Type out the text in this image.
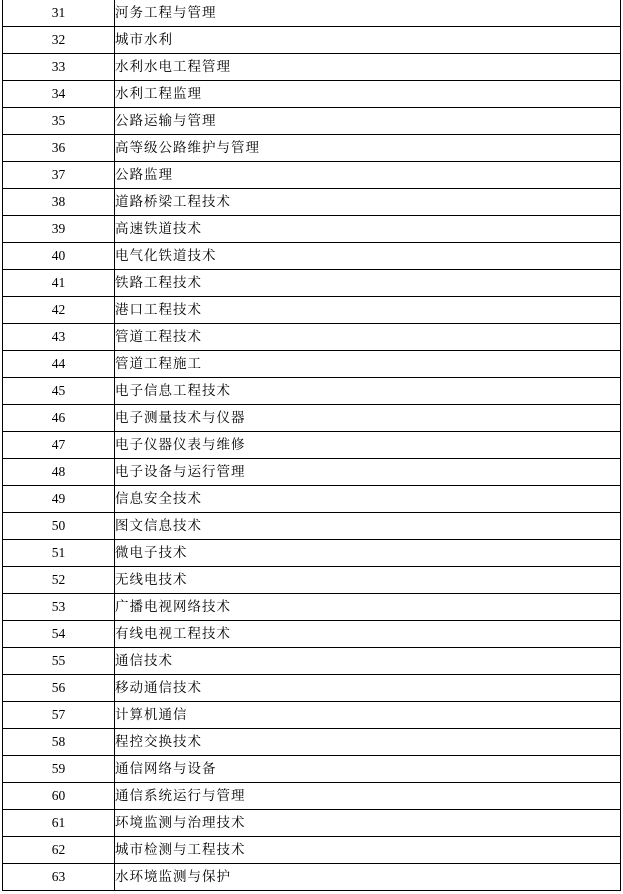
31	河务工程与管理
32	城市水利
33	水利水电工程管理
34	水利工程监理
35	公路运输与管理
36	高等级公路维护与管理
37	公路监理
38	道路桥梁工程技术
39	高速铁道技术
40	电气化铁道技术
41	铁路工程技术
42	港口工程技术
43	管道工程技术
44	管道工程施工
45	电子信息工程技术
46	电子测量技术与仪器
47	电子仪器仪表与维修
48	电子设备与运行管理
49	信息安全技术
50	图文信息技术
51	微电子技术
52	无线电技术
53	广播电视网络技术
54	有线电视工程技术
55	通信技术
56	移动通信技术
57	计算机通信
58	程控交换技术
59	通信网络与设备
60	通信系统运行与管理
61	环境监测与治理技术
62	城市检测与工程技术
63	水环境监测与保护
